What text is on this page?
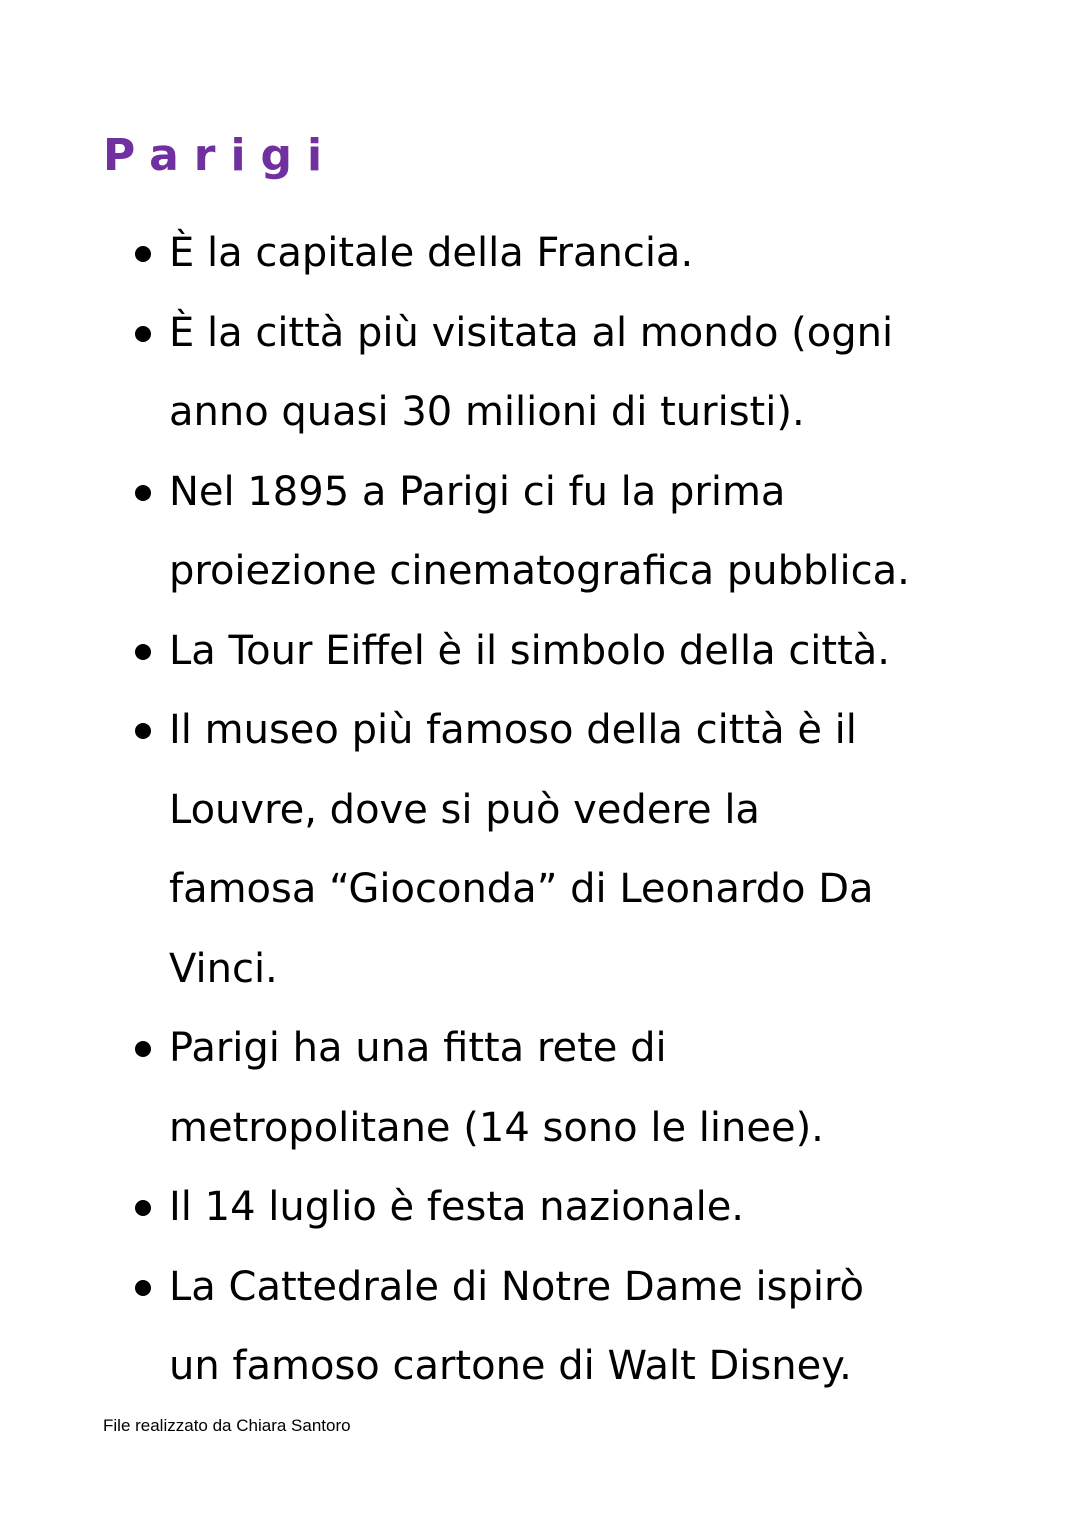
Parigi
È la capitale della Francia.
È la città più visitata al mondo (ogni
anno quasi 30 milioni di turisti).
Nel 1895 a Parigi ci fu la prima
proiezione cinematografica pubblica.
La Tour Eiffel è il simbolo della città.
Il museo più famoso della città è il
Louvre, dove si può vedere la
famosa “Gioconda” di Leonardo Da
Vinci.
Parigi ha una fitta rete di
metropolitane (14 sono le linee).
Il 14 luglio è festa nazionale.
La Cattedrale di Notre Dame ispirò
un famoso cartone di Walt Disney.
File realizzato da Chiara Santoro
